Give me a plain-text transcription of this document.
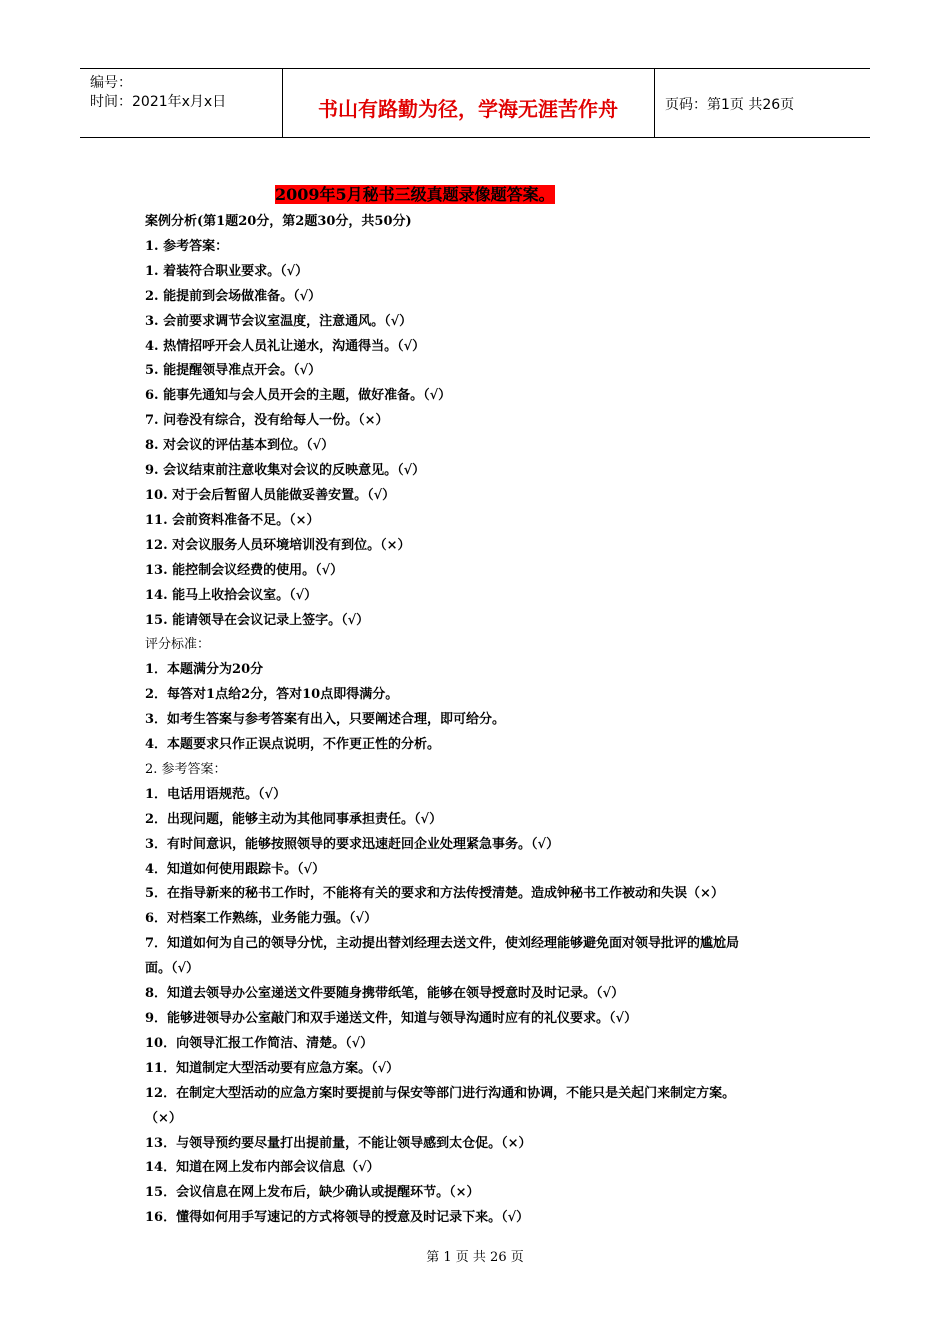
编号：
时间：2021年x月x日	书山有路勤为径，学海无涯苦作舟	页码：第1页 共26页
2009年5月秘书三级真题录像题答案。
案例分析(第1题20分，第2题30分，共50分)
1. 参考答案：
1. 着装符合职业要求。（√）
2. 能提前到会场做准备。（√）
3. 会前要求调节会议室温度，注意通风。（√）
4. 热情招呼开会人员礼让递水，沟通得当。（√）
5. 能提醒领导准点开会。（√）
6. 能事先通知与会人员开会的主题，做好准备。（√）
7. 问卷没有综合，没有给每人一份。（×）
8. 对会议的评估基本到位。（√）
9. 会议结束前注意收集对会议的反映意见。（√）
10. 对于会后暂留人员能做妥善安置。（√）
11. 会前资料准备不足。（×）
12. 对会议服务人员环境培训没有到位。（×）
13. 能控制会议经费的使用。（√）
14. 能马上收拾会议室。（√）
15. 能请领导在会议记录上签字。（√）
评分标准：
1．本题满分为20分
2．每答对1点给2分，答对10点即得满分。
3．如考生答案与参考答案有出入，只要阐述合理，即可给分。
4．本题要求只作正误点说明，不作更正性的分析。
2. 参考答案：
1．电话用语规范。（√）
2．出现问题，能够主动为其他同事承担责任。（√）
3．有时间意识，能够按照领导的要求迅速赶回企业处理紧急事务。（√）
4．知道如何使用跟踪卡。（√）
5．在指导新来的秘书工作时，不能将有关的要求和方法传授清楚。造成钟秘书工作被动和失误（×）
6．对档案工作熟练，业务能力强。（√）
7．知道如何为自己的领导分忧，主动提出替刘经理去送文件，使刘经理能够避免面对领导批评的尴尬局
面。（√）
8．知道去领导办公室递送文件要随身携带纸笔，能够在领导授意时及时记录。（√）
9．能够进领导办公室敲门和双手递送文件，知道与领导沟通时应有的礼仪要求。（√）
10．向领导汇报工作简洁、清楚。（√）
11．知道制定大型活动要有应急方案。（√）
12．在制定大型活动的应急方案时要提前与保安等部门进行沟通和协调，不能只是关起门来制定方案。
（×）
13．与领导预约要尽量打出提前量，不能让领导感到太仓促。（×）
14．知道在网上发布内部会议信息（√）
15．会议信息在网上发布后，缺少确认或提醒环节。（×）
16．懂得如何用手写速记的方式将领导的授意及时记录下来。（√）
第 1 页 共 26 页
